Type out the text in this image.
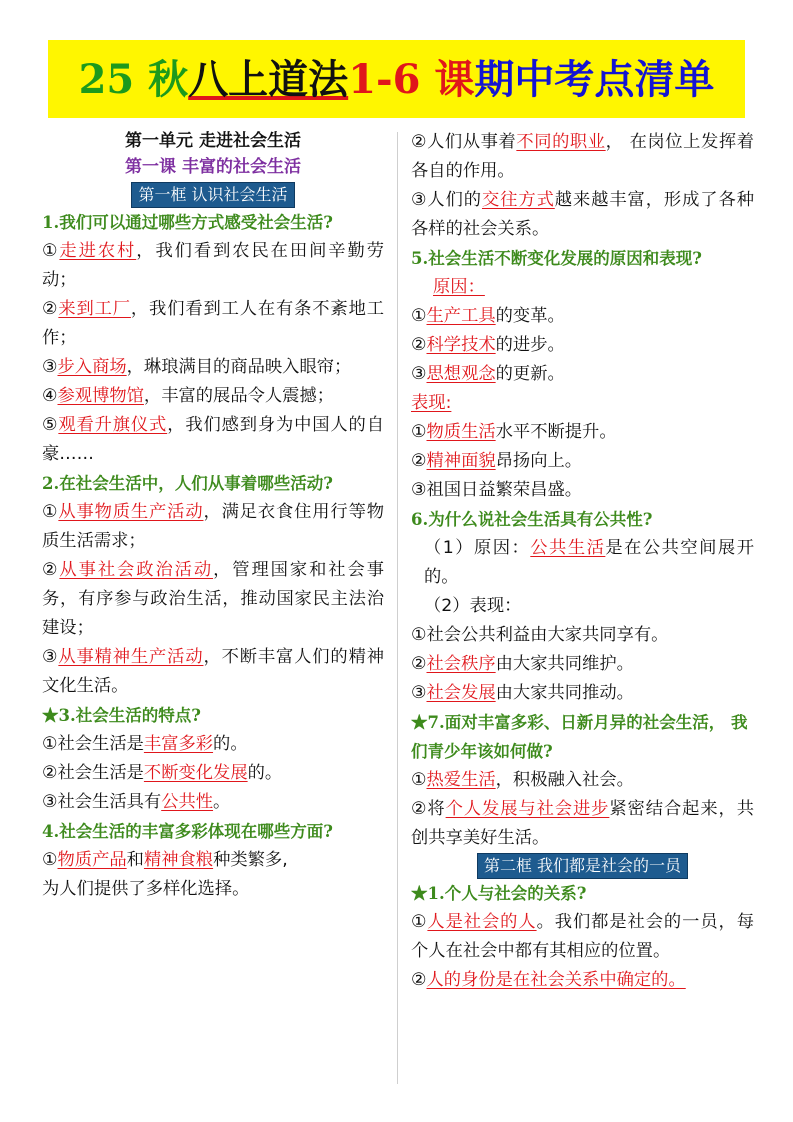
25 秋八上道法1-6 课期中考点清单
第一单元 走进社会生活
第一课 丰富的社会生活
第一框 认识社会生活
1.我们可以通过哪些方式感受社会生活?
①走进农村，我们看到农民在田间辛勤劳动；
②来到工厂，我们看到工人在有条不紊地工作；
③步入商场，琳琅满目的商品映入眼帘；
④参观博物馆，丰富的展品令人震撼；
⑤观看升旗仪式，我们感到身为中国人的自豪……
2.在社会生活中，人们从事着哪些活动?
①从事物质生产活动，满足衣食住用行等物质生活需求；
②从事社会政治活动，管理国家和社会事务，有序参与政治生活，推动国家民主法治建设；
③从事精神生产活动，不断丰富人们的精神文化生活。
★3.社会生活的特点?
①社会生活是丰富多彩的。
②社会生活是不断变化发展的。
③社会生活具有公共性。
4.社会生活的丰富多彩体现在哪些方面?
①物质产品和精神食粮种类繁多,
为人们提供了多样化选择。
②人们从事着不同的职业， 在岗位上发挥着各自的作用。
③人们的交往方式越来越丰富，形成了各种各样的社会关系。
5.社会生活不断变化发展的原因和表现?
原因：
①生产工具的变革。
②科学技术的进步。
③思想观念的更新。
表现:
①物质生活水平不断提升。
②精神面貌昂扬向上。
③祖国日益繁荣昌盛。
6.为什么说社会生活具有公共性?
（1）原因：公共生活是在公共空间展开的。
（2）表现：
①社会公共利益由大家共同享有。
②社会秩序由大家共同维护。
③社会发展由大家共同推动。
★7.面对丰富多彩、日新月异的社会生活， 我们青少年该如何做?
①热爱生活，积极融入社会。
②将个人发展与社会进步紧密结合起来，共创共享美好生活。
第二框 我们都是社会的一员
★1.个人与社会的关系?
①人是社会的人。我们都是社会的一员，每个人在社会中都有其相应的位置。
②人的身份是在社会关系中确定的。
